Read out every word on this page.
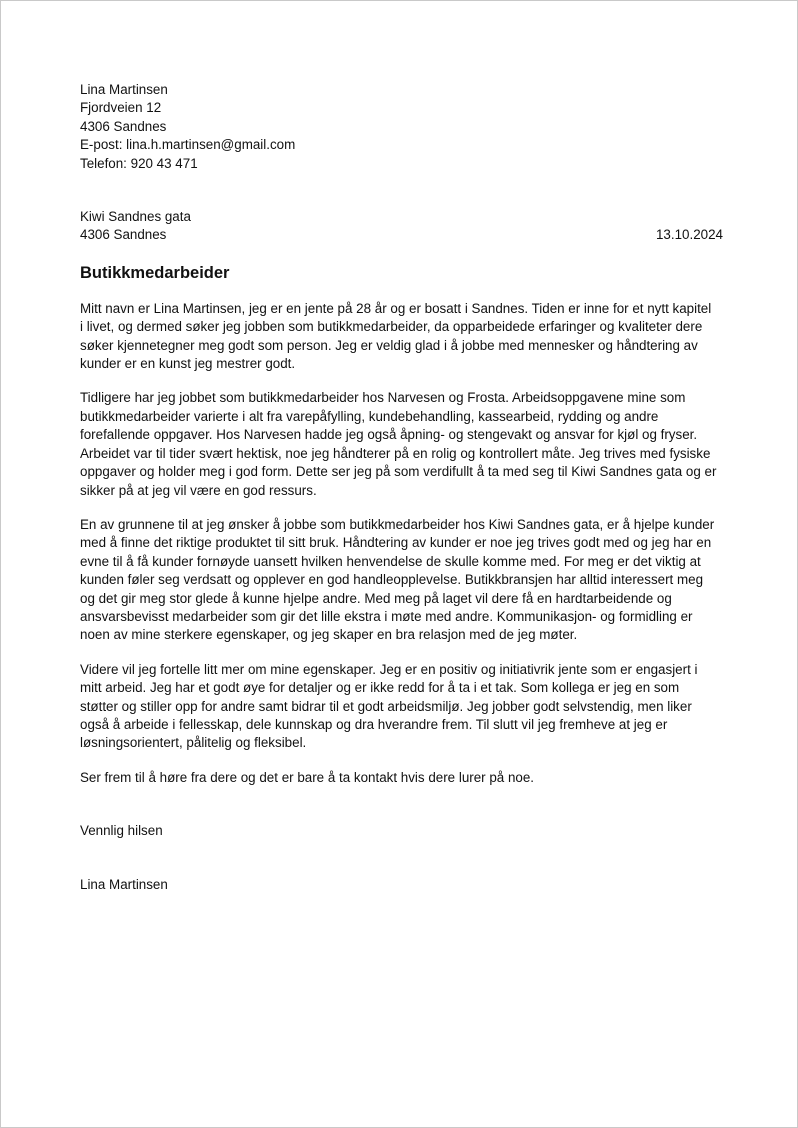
Lina Martinsen
Fjordveien 12
4306 Sandnes
E-post: lina.h.martinsen@gmail.com
Telefon: 920 43 471
Kiwi Sandnes gata
4306 Sandnes	13.10.2024
Butikkmedarbeider
Mitt navn er Lina Martinsen, jeg er en jente på 28 år og er bosatt i Sandnes. Tiden er inne for et nytt kapitel
i livet, og dermed søker jeg jobben som butikkmedarbeider, da opparbeidede erfaringer og kvaliteter dere
søker kjennetegner meg godt som person. Jeg er veldig glad i å jobbe med mennesker og håndtering av
kunder er en kunst jeg mestrer godt.
Tidligere har jeg jobbet som butikkmedarbeider hos Narvesen og Frosta. Arbeidsoppgavene mine som
butikkmedarbeider varierte i alt fra varepåfylling, kundebehandling, kassearbeid, rydding og andre
forefallende oppgaver. Hos Narvesen hadde jeg også åpning- og stengevakt og ansvar for kjøl og fryser.
Arbeidet var til tider svært hektisk, noe jeg håndterer på en rolig og kontrollert måte. Jeg trives med fysiske
oppgaver og holder meg i god form. Dette ser jeg på som verdifullt å ta med seg til Kiwi Sandnes gata og er
sikker på at jeg vil være en god ressurs.
En av grunnene til at jeg ønsker å jobbe som butikkmedarbeider hos Kiwi Sandnes gata, er å hjelpe kunder
med å finne det riktige produktet til sitt bruk. Håndtering av kunder er noe jeg trives godt med og jeg har en
evne til å få kunder fornøyde uansett hvilken henvendelse de skulle komme med. For meg er det viktig at
kunden føler seg verdsatt og opplever en god handleopplevelse. Butikkbransjen har alltid interessert meg
og det gir meg stor glede å kunne hjelpe andre. Med meg på laget vil dere få en hardtarbeidende og
ansvarsbevisst medarbeider som gir det lille ekstra i møte med andre. Kommunikasjon- og formidling er
noen av mine sterkere egenskaper, og jeg skaper en bra relasjon med de jeg møter.
Videre vil jeg fortelle litt mer om mine egenskaper. Jeg er en positiv og initiativrik jente som er engasjert i
mitt arbeid. Jeg har et godt øye for detaljer og er ikke redd for å ta i et tak. Som kollega er jeg en som
støtter og stiller opp for andre samt bidrar til et godt arbeidsmiljø. Jeg jobber godt selvstendig, men liker
også å arbeide i fellesskap, dele kunnskap og dra hverandre frem. Til slutt vil jeg fremheve at jeg er
løsningsorientert, pålitelig og fleksibel.
Ser frem til å høre fra dere og det er bare å ta kontakt hvis dere lurer på noe.
Vennlig hilsen
Lina Martinsen
